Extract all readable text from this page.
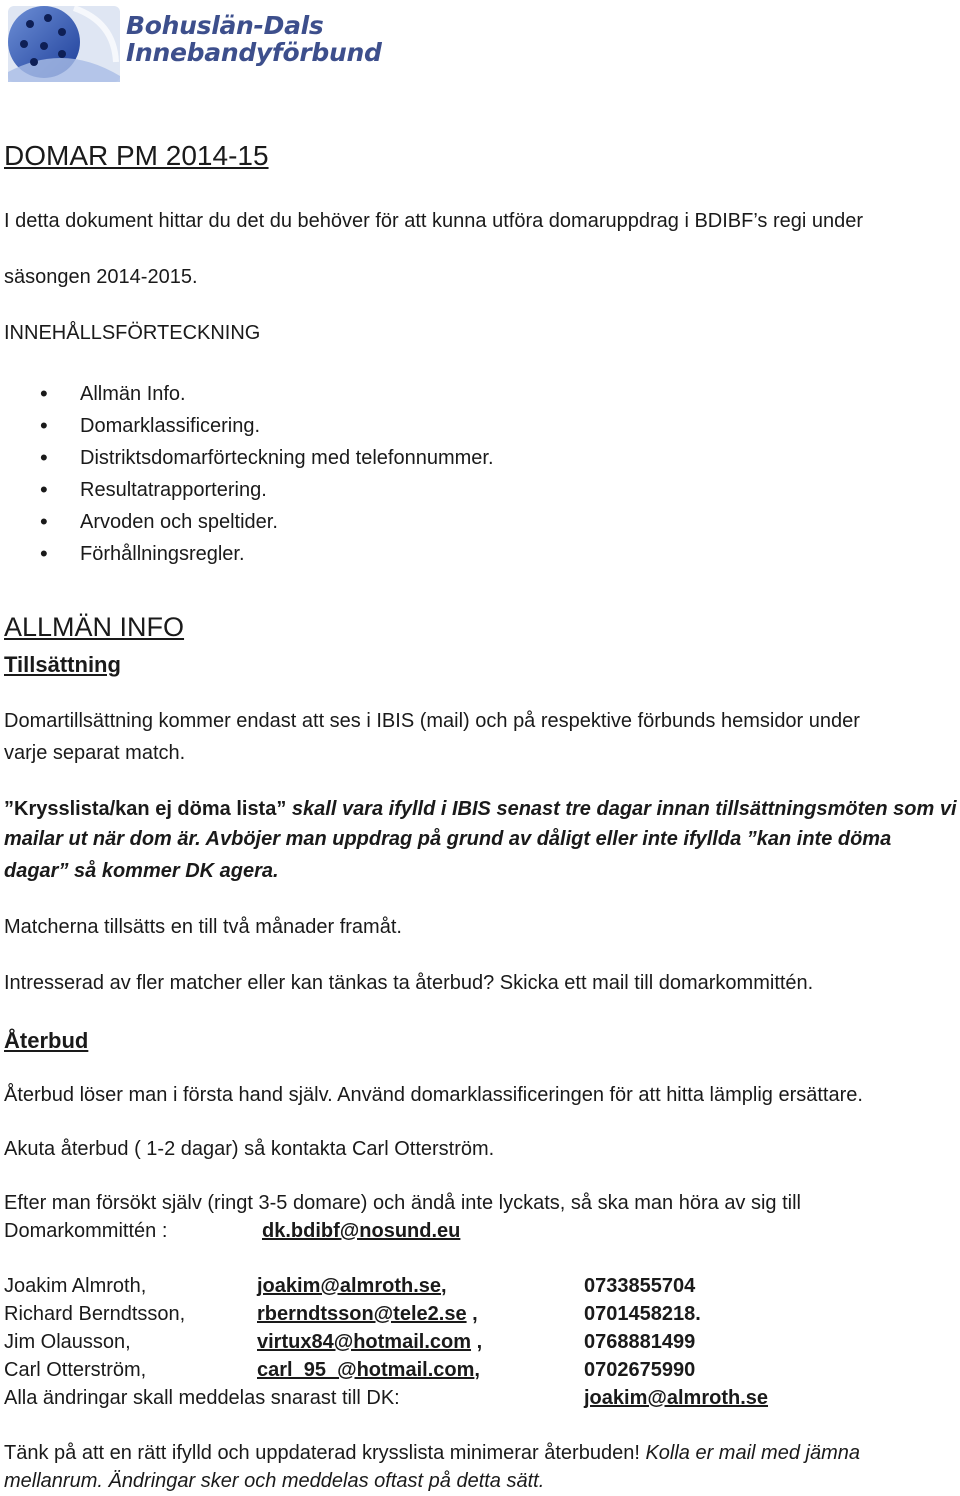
Bohuslän-Dals
Innebandyförbund
DOMAR PM 2014-15
I detta dokument hittar du det du behöver för att kunna utföra domaruppdrag i BDIBF’s regi under
säsongen 2014-2015.
INNEHÅLLSFÖRTECKNING
• Allmän Info.
• Domarklassificering.
• Distriktsdomarförteckning med telefonnummer.
• Resultatrapportering.
• Arvoden och speltider.
• Förhållningsregler.
ALLMÄN INFO
Tillsättning
Domartillsättning kommer endast att ses i IBIS (mail) och på respektive förbunds hemsidor under
varje separat match.
”Krysslista/kan ej döma lista” skall vara ifylld i IBIS senast tre dagar innan tillsättningsmöten som vi
mailar ut när dom är. Avböjer man uppdrag på grund av dåligt eller inte ifyllda ”kan inte döma
dagar” så kommer DK agera.
Matcherna tillsätts en till två månader framåt.
Intresserad av fler matcher eller kan tänkas ta återbud? Skicka ett mail till domarkommittén.
Återbud
Återbud löser man i första hand själv. Använd domarklassificeringen för att hitta lämplig ersättare.
Akuta återbud ( 1-2 dagar) så kontakta Carl Otterström.
Efter man försökt själv (ringt 3-5 domare) och ändå inte lyckats, så ska man höra av sig till
Domarkommittén :	dk.bdibf@nosund.eu
Joakim Almroth,	joakim@almroth.se,	0733855704
Richard Berndtsson,	rberndtsson@tele2.se ,	0701458218.
Jim Olausson,	virtux84@hotmail.com ,	0768881499
Carl Otterström,	carl_95_@hotmail.com,	0702675990
Alla ändringar skall meddelas snarast till DK:	joakim@almroth.se
Tänk på att en rätt ifylld och uppdaterad krysslista minimerar återbuden! Kolla er mail med jämna
mellanrum. Ändringar sker och meddelas oftast på detta sätt.
